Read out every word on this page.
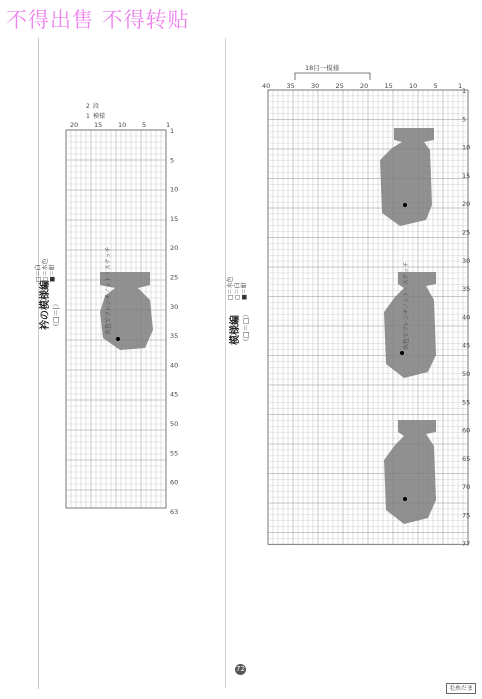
不得出售 不得转贴
水色でフレンチノット・ステッチ	水色でフレンチノット・ステッチ
18目一模様
衿の模様編 （□＝|）
□＝白 ▢＝水色 ■＝紺
模様編 （□＝□）
□＝水色 ▢＝白 ■＝紺
2 段
1 模様
1
5
10
15
20
25
30
35
40
45
50
55
60
63
1
5
10
15
20
1
5
10
15
20
25
30
35
40
45
50
55
60
65
70
75
77
40 35 30 25 20 15 10 5	1
72
毛糸だま
